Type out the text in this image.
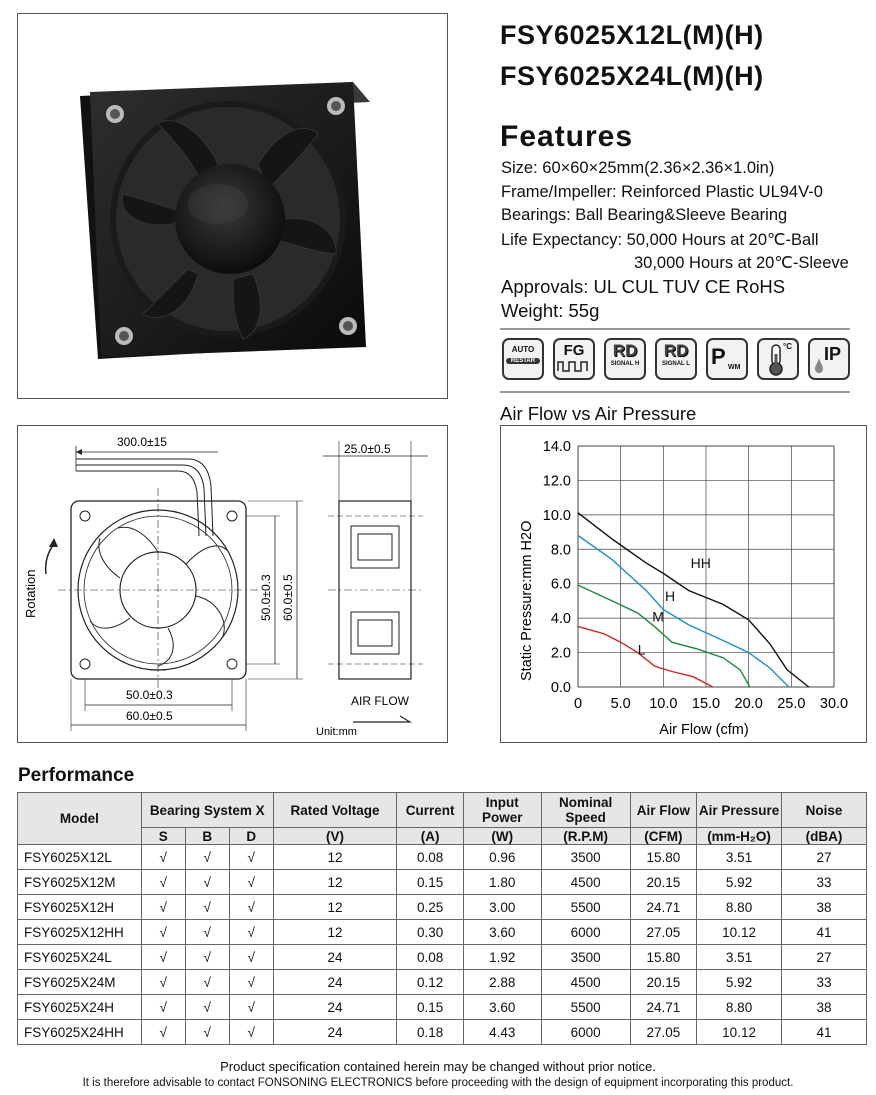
FSY6025X12L(M)(H)
FSY6025X24L(M)(H)
Features
Size: 60×60×25mm(2.36×2.36×1.0in)
Frame/Impeller: Reinforced Plastic UL94V-0
Bearings: Ball Bearing&Sleeve Bearing
Life Expectancy: 50,000 Hours at 20℃-Ball
30,000 Hours at 20℃-Sleeve
Approvals: UL CUL TUV CE RoHS
Weight: 55g
AUTO
RESTAR
FG	RD
SIGNAL H
RD
SIGNAL L P WM
°C IP
300.0±15
Rotation	50.0±0.3 60.0±0.5
50.0±0.3
60.0±0.5
25.0±0.5
AIR FLOW
Unit:mm
Air Flow vs Air Pressure
HH
H
M
L
0 5.0 10.0 15.0 20.0 25.0 30.0
0.0
2.0
4.0
6.0
8.0
10.0
12.0
14.0
Static Pressure:mm H2O
Air Flow (cfm)
Performance
Model	Bearing System X			Rated Voltage	Current	Input Power	Nominal Speed	Air Flow	Air Pressure	Noise
	S	B	D	(V)	(A)	(W)	(R.P.M)	(CFM)	(mm-H₂O)	(dBA)
FSY6025X12L	√	√	√	12	0.08	0.96	3500	15.80	3.51	27
FSY6025X12M	√	√	√	12	0.15	1.80	4500	20.15	5.92	33
FSY6025X12H	√	√	√	12	0.25	3.00	5500	24.71	8.80	38
FSY6025X12HH	√	√	√	12	0.30	3.60	6000	27.05	10.12	41
FSY6025X24L	√	√	√	24	0.08	1.92	3500	15.80	3.51	27
FSY6025X24M	√	√	√	24	0.12	2.88	4500	20.15	5.92	33
FSY6025X24H	√	√	√	24	0.15	3.60	5500	24.71	8.80	38
FSY6025X24HH	√	√	√	24	0.18	4.43	6000	27.05	10.12	41
Product specification contained herein may be changed without prior notice.
It is therefore advisable to contact FONSONING ELECTRONICS before proceeding with the design of equipment incorporating this product.
